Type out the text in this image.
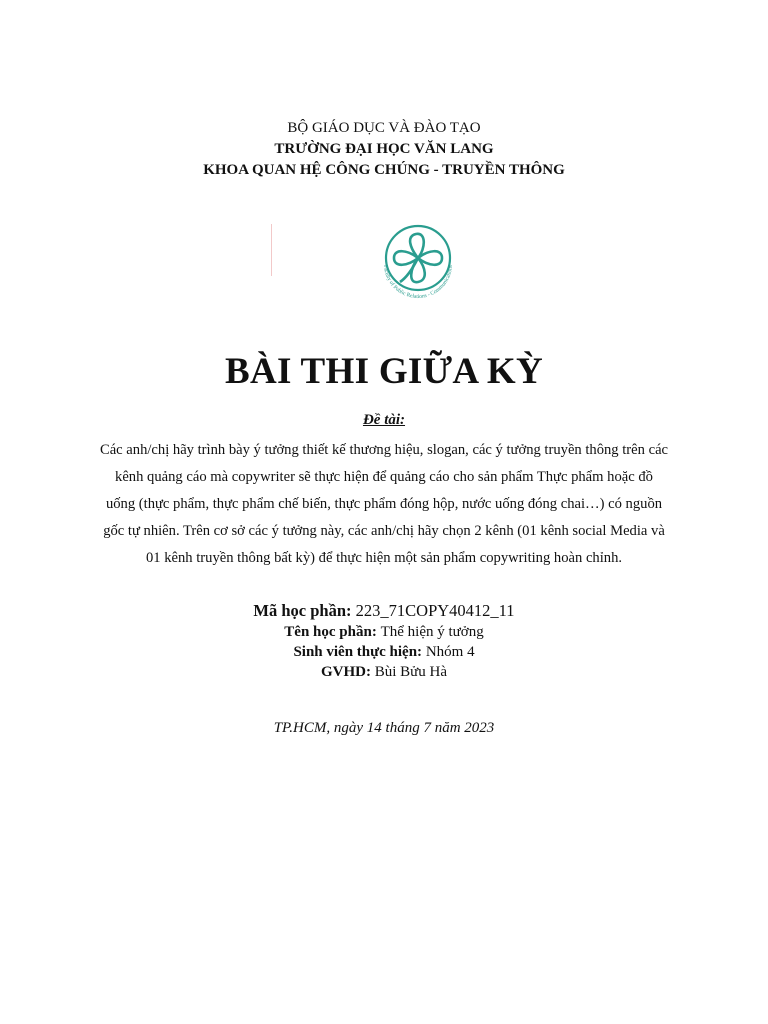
BỘ GIÁO DỤC VÀ ĐÀO TẠO
TRƯỜNG ĐẠI HỌC VĂN LANG
KHOA QUAN HỆ CÔNG CHÚNG - TRUYỀN THÔNG
Faculty of Public Relations - Communications
BÀI THI GIỮA KỲ
Đề tài:
Các anh/chị hãy trình bày ý tưởng thiết kế thương hiệu, slogan, các ý tưởng truyền thông trên các
kênh quảng cáo mà copywriter sẽ thực hiện để quảng cáo cho sản phẩm Thực phẩm hoặc đồ
uống (thực phẩm, thực phẩm chế biến, thực phẩm đóng hộp, nước uống đóng chai…) có nguồn
gốc tự nhiên. Trên cơ sở các ý tưởng này, các anh/chị hãy chọn 2 kênh (01 kênh social Media và
01 kênh truyền thông bất kỳ) để thực hiện một sản phẩm copywriting hoàn chỉnh.
Mã học phần: 223_71COPY40412_11
Tên học phần: Thể hiện ý tưởng
Sinh viên thực hiện: Nhóm 4
GVHD: Bùi Bửu Hà
TP.HCM, ngày 14 tháng 7 năm 2023
